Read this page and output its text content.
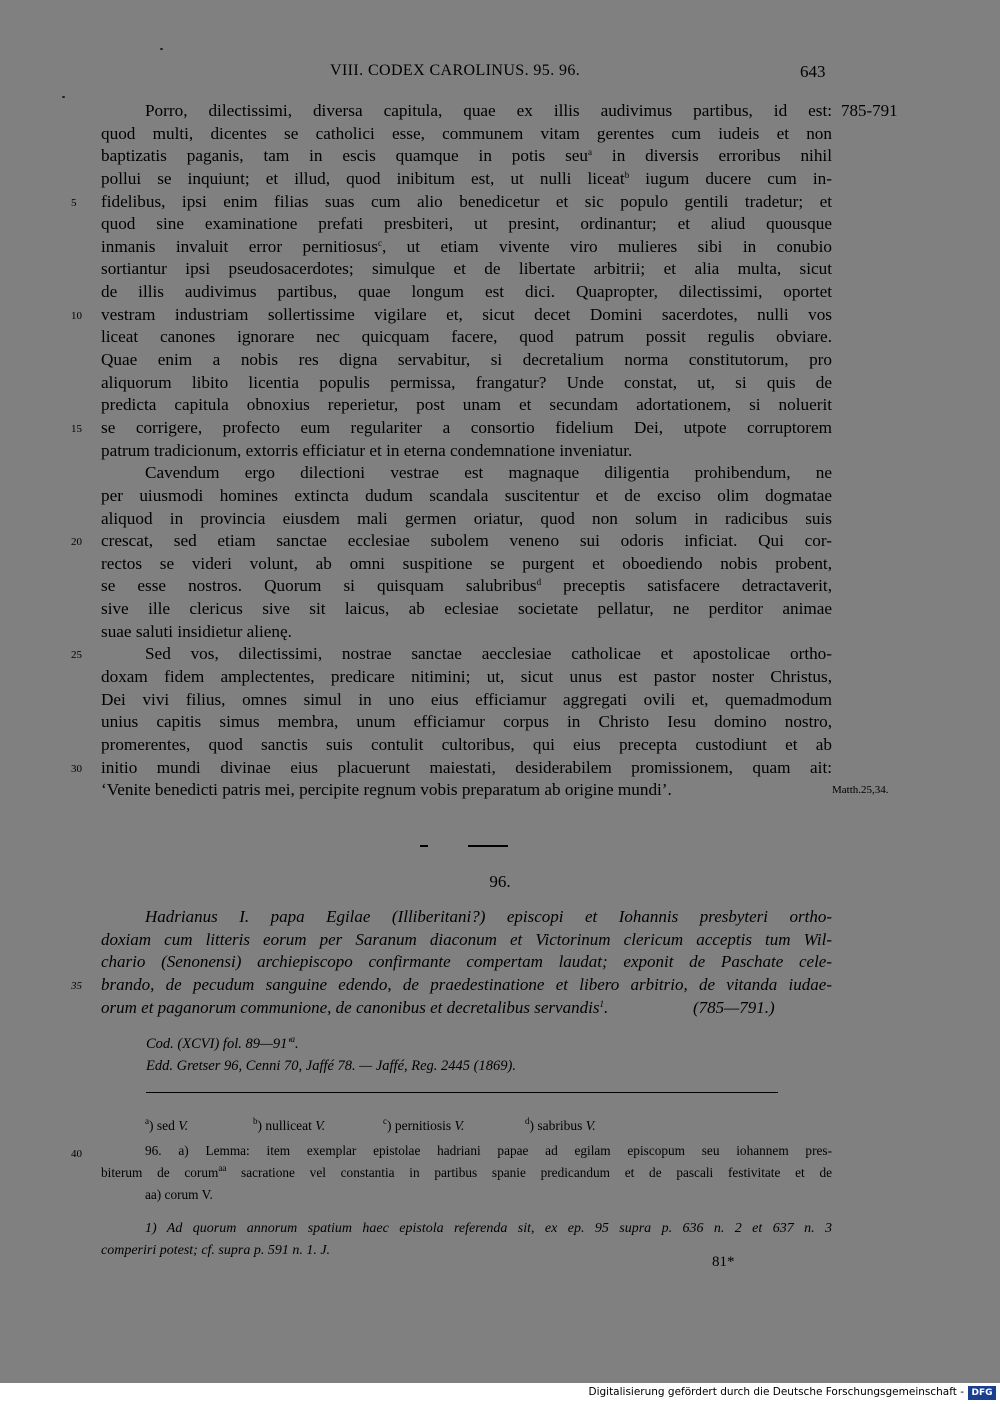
VIII. CODEX CAROLINUS. 95. 96.	643
Porro, dilectissimi, diversa capitula, quae ex illis audivimus partibus, id est: 785-791
quod multi, dicentes se catholici esse, communem vitam gerentes cum iudeis et non
baptizatis paganis, tam in escis quamque in potis seu$^a$ in diversis erroribus nihil
pollui se inquiunt; et illud, quod inibitum est, ut nulli liceat$^b$ iugum ducere cum in-
5	fidelibus, ipsi enim filias suas cum alio benedicetur et sic populo gentili tradetur; et
quod sine examinatione prefati presbiteri, ut presint, ordinantur; et aliud quousque
inmanis invaluit error pernitiosus$^c$, ut etiam vivente viro mulieres sibi in conubio
sortiantur ipsi pseudosacerdotes; simulque et de libertate arbitrii; et alia multa, sicut
de illis audivimus partibus, quae longum est dici. Quapropter, dilectissimi, oportet
10	vestram industriam sollertissime vigilare et, sicut decet Domini sacerdotes, nulli vos
liceat canones ignorare nec quicquam facere, quod patrum possit regulis obviare.
Quae enim a nobis res digna servabitur, si decretalium norma constitutorum, pro
aliquorum libito licentia populis permissa, frangatur? Unde constat, ut, si quis de
predicta capitula obnoxius reperietur, post unam et secundam adortationem, si noluerit
15	se corrigere, profecto eum regulariter a consortio fidelium Dei, utpote corruptorem
patrum tradicionum, extorris efficiatur et in eterna condemnatione inveniatur.
Cavendum ergo dilectioni vestrae est magnaque diligentia prohibendum, ne
per uiusmodi homines extincta dudum scandala suscitentur et de exciso olim dogmatae
aliquod in provincia eiusdem mali germen oriatur, quod non solum in radicibus suis
20	crescat, sed etiam sanctae ecclesiae subolem veneno sui odoris inficiat. Qui cor-
rectos se videri volunt, ab omni suspitione se purgent et oboediendo nobis probent,
se esse nostros. Quorum si quisquam salubribus$^d$ preceptis satisfacere detractaverit,
sive ille clericus sive sit laicus, ab eclesiae societate pellatur, ne perditor animae
suae saluti insidietur alienę.
25	Sed vos, dilectissimi, nostrae sanctae aecclesiae catholicae et apostolicae ortho-
doxam fidem amplectentes, predicare nitimini; ut, sicut unus est pastor noster Christus,
Dei vivi filius, omnes simul in uno eius efficiamur aggregati ovili et, quemadmodum
unius capitis simus membra, unum efficiamur corpus in Christo Iesu domino nostro,
promerentes, quod sanctis suis contulit cultoribus, qui eius precepta custodiunt et ab
30	initio mundi divinae eius placuerunt maiestati, desiderabilem promissionem, quam ait:
‘Venite benedicti patris mei, percipite regnum vobis preparatum ab origine mundi’.	Matth.25,34.
96.
Hadrianus I. papa Egilae (Illiberitani?) episcopi et Iohannis presbyteri ortho-
doxiam cum litteris eorum per Saranum diaconum et Victorinum clericum acceptis tum Wil-
chario (Senonensi) archiepiscopo confirmante compertam laudat; exponit de Paschate cele-
35	brando, de pecudum sanguine edendo, de praedestinatione et libero arbitrio, de vitanda iudae-
orum et paganorum communione, de canonibus et decretalibus servandis$^1$.	(785—791.)
Cod. (XCVI) fol. $89—91'^a$.
Edd. Gretser 96, Cenni 70, Jaffé 78. — Jaffé, Reg. 2445 (1869).
$^a$) sed V.	$^b$) nulliceat V.	$^c$) pernitiosis V.	$^d$) sabribus V.
96. a) Lemma: item exemplar epistolae hadriani papae ad egilam episcopum seu iohannem pres-
40
biterum de corum$^{aa}$ sacratione vel constantia in partibus spanie predicandum et de pascali festivitate et de
aa) corum V.
1) Ad quorum annorum spatium haec epistola referenda sit, ex ep. 95 supra p. 636 n. 2 et 637 n. 3
comperiri potest; cf. supra p. 591 n. 1. J.
81*
Digitalisierung gefördert durch die Deutsche Forschungsgemeinschaft - DFG
